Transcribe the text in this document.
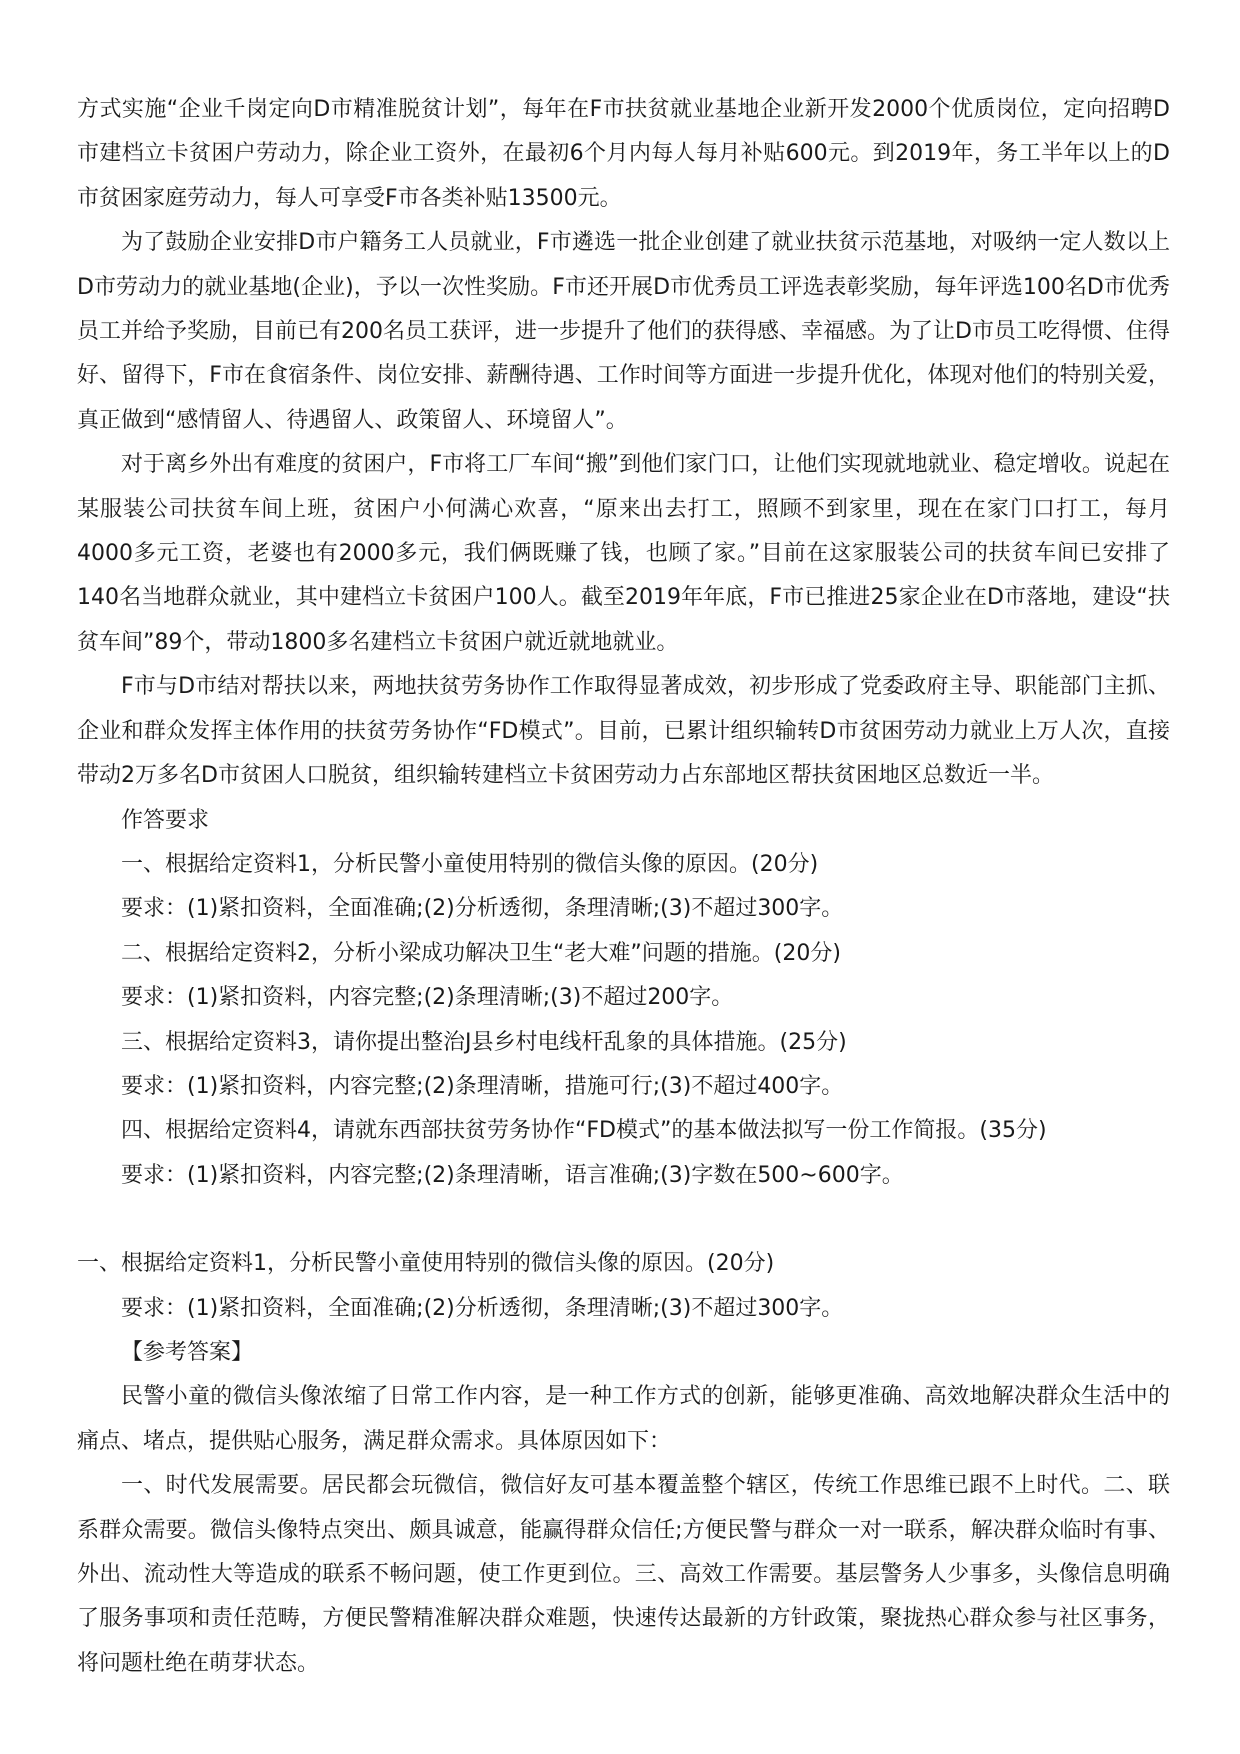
方式实施“企业千岗定向D市精准脱贫计划”，每年在F市扶贫就业基地企业新开发2000个优质岗位，定向招聘D市建档立卡贫困户劳动力，除企业工资外，在最初6个月内每人每月补贴600元。到2019年，务工半年以上的D市贫困家庭劳动力，每人可享受F市各类补贴13500元。

为了鼓励企业安排D市户籍务工人员就业，F市遴选一批企业创建了就业扶贫示范基地，对吸纳一定人数以上D市劳动力的就业基地(企业)，予以一次性奖励。F市还开展D市优秀员工评选表彰奖励，每年评选100名D市优秀员工并给予奖励，目前已有200名员工获评，进一步提升了他们的获得感、幸福感。为了让D市员工吃得惯、住得好、留得下，F市在食宿条件、岗位安排、薪酬待遇、工作时间等方面进一步提升优化，体现对他们的特别关爱，真正做到“感情留人、待遇留人、政策留人、环境留人”。

对于离乡外出有难度的贫困户，F市将工厂车间“搬”到他们家门口，让他们实现就地就业、稳定增收。说起在某服装公司扶贫车间上班，贫困户小何满心欢喜，“原来出去打工，照顾不到家里，现在在家门口打工，每月4000多元工资，老婆也有2000多元，我们俩既赚了钱，也顾了家。”目前在这家服装公司的扶贫车间已安排了140名当地群众就业，其中建档立卡贫困户100人。截至2019年年底，F市已推进25家企业在D市落地，建设“扶贫车间”89个，带动1800多名建档立卡贫困户就近就地就业。

F市与D市结对帮扶以来，两地扶贫劳务协作工作取得显著成效，初步形成了党委政府主导、职能部门主抓、企业和群众发挥主体作用的扶贫劳务协作“FD模式”。目前，已累计组织输转D市贫困劳动力就业上万人次，直接带动2万多名D市贫困人口脱贫，组织输转建档立卡贫困劳动力占东部地区帮扶贫困地区总数近一半。

作答要求

一、根据给定资料1，分析民警小童使用特别的微信头像的原因。(20分)

要求：(1)紧扣资料，全面准确;(2)分析透彻，条理清晰;(3)不超过300字。

二、根据给定资料2，分析小梁成功解决卫生“老大难”问题的措施。(20分)

要求：(1)紧扣资料，内容完整;(2)条理清晰;(3)不超过200字。

三、根据给定资料3，请你提出整治J县乡村电线杆乱象的具体措施。(25分)

要求：(1)紧扣资料，内容完整;(2)条理清晰，措施可行;(3)不超过400字。

四、根据给定资料4，请就东西部扶贫劳务协作“FD模式”的基本做法拟写一份工作简报。(35分)

要求：(1)紧扣资料，内容完整;(2)条理清晰，语言准确;(3)字数在500~600字。

一、根据给定资料1，分析民警小童使用特别的微信头像的原因。(20分)

要求：(1)紧扣资料，全面准确;(2)分析透彻，条理清晰;(3)不超过300字。

【参考答案】

民警小童的微信头像浓缩了日常工作内容，是一种工作方式的创新，能够更准确、高效地解决群众生活中的痛点、堵点，提供贴心服务，满足群众需求。具体原因如下：

一、时代发展需要。居民都会玩微信，微信好友可基本覆盖整个辖区，传统工作思维已跟不上时代。二、联系群众需要。微信头像特点突出、颇具诚意，能赢得群众信任;方便民警与群众一对一联系，解决群众临时有事、外出、流动性大等造成的联系不畅问题，使工作更到位。三、高效工作需要。基层警务人少事多，头像信息明确了服务事项和责任范畴，方便民警精准解决群众难题，快速传达最新的方针政策，聚拢热心群众参与社区事务，将问题杜绝在萌芽状态。
